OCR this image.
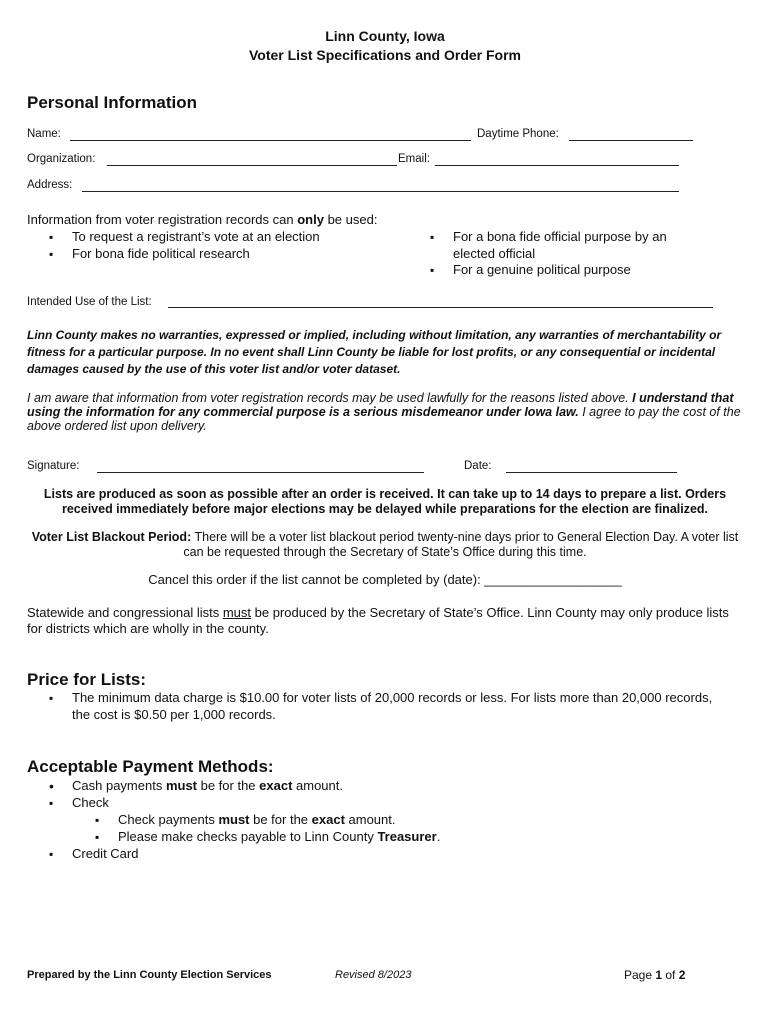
Linn County, Iowa
Voter List Specifications and Order Form
Personal Information
Name:	Daytime Phone:
Organization:	Email:
Address:
Information from voter registration records can only be used:
▪ To request a registrant’s vote at an election
▪ For bona fide political research
▪ For a bona fide official purpose by an elected official
▪ For a genuine political purpose
Intended Use of the List:
Linn County makes no warranties, expressed or implied, including without limitation, any warranties of merchantability or fitness for a particular purpose. In no event shall Linn County be liable for lost profits, or any consequential or incidental damages caused by the use of this voter list and/or voter dataset.
I am aware that information from voter registration records may be used lawfully for the reasons listed above. I understand that using the information for any commercial purpose is a serious misdemeanor under Iowa law. I agree to pay the cost of the above ordered list upon delivery.
Signature:	Date:
Lists are produced as soon as possible after an order is received. It can take up to 14 days to prepare a list. Orders received immediately before major elections may be delayed while preparations for the election are finalized.
Voter List Blackout Period: There will be a voter list blackout period twenty-nine days prior to General Election Day. A voter list can be requested through the Secretary of State’s Office during this time.
Cancel this order if the list cannot be completed by (date): ___________________
Statewide and congressional lists must be produced by the Secretary of State’s Office. Linn County may only produce lists for districts which are wholly in the county.
Price for Lists:
▪ The minimum data charge is $10.00 for voter lists of 20,000 records or less. For lists more than 20,000 records, the cost is $0.50 per 1,000 records.
Acceptable Payment Methods:
• Cash payments must be for the exact amount.
▪ Check
▪ Check payments must be for the exact amount.
▪ Please make checks payable to Linn County Treasurer.
▪ Credit Card
Prepared by the Linn County Election Services	Revised 8/2023	Page 1 of 2
